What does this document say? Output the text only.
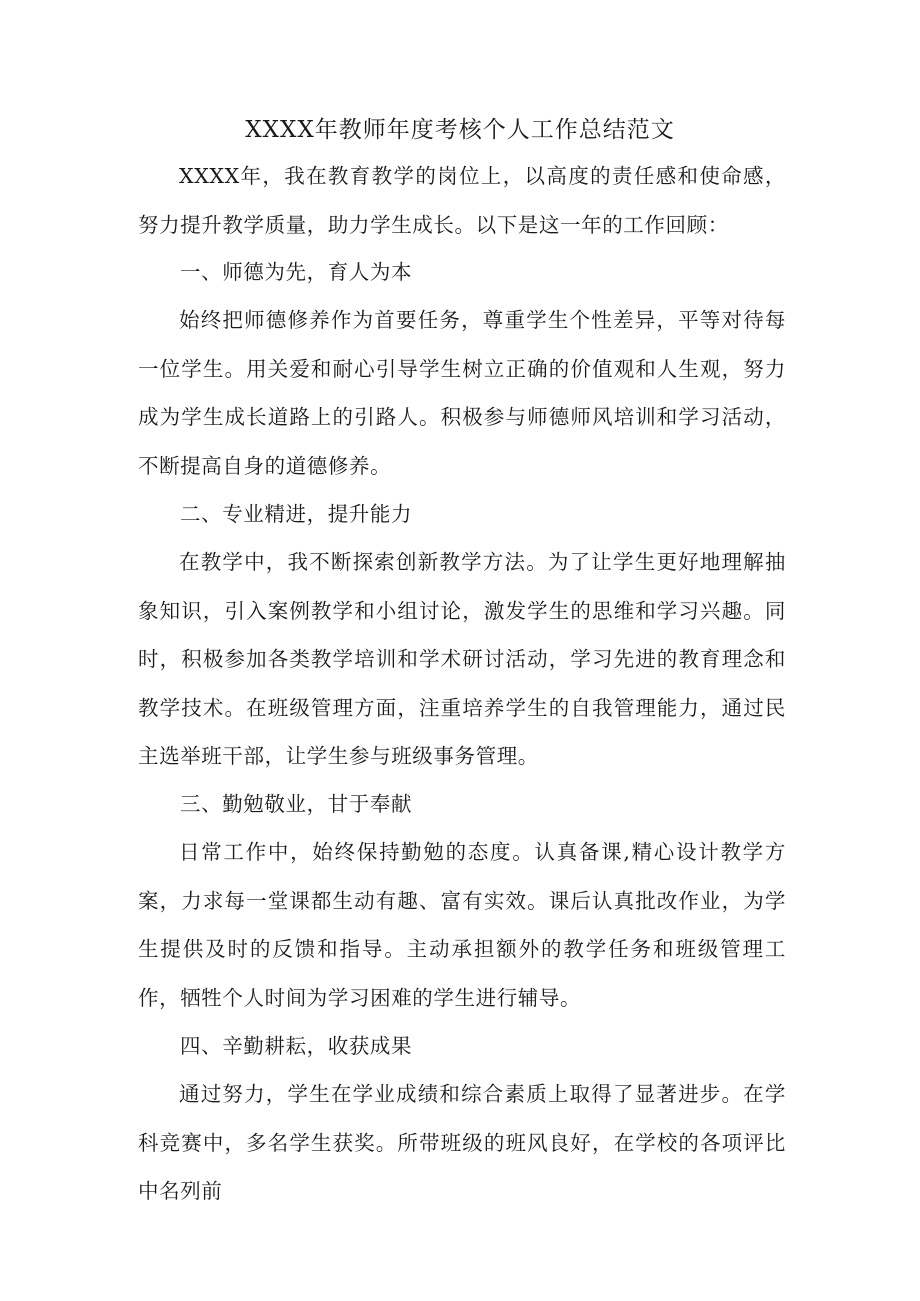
XXXX年教师年度考核个人工作总结范文

XXXX年，我在教育教学的岗位上，以高度的责任感和使命感，努力提升教学质量，助力学生成长。以下是这一年的工作回顾：

一、师德为先，育人为本

始终把师德修养作为首要任务，尊重学生个性差异，平等对待每一位学生。用关爱和耐心引导学生树立正确的价值观和人生观，努力成为学生成长道路上的引路人。积极参与师德师风培训和学习活动，不断提高自身的道德修养。

二、专业精进，提升能力

在教学中，我不断探索创新教学方法。为了让学生更好地理解抽象知识，引入案例教学和小组讨论，激发学生的思维和学习兴趣。同时，积极参加各类教学培训和学术研讨活动，学习先进的教育理念和教学技术。在班级管理方面，注重培养学生的自我管理能力，通过民主选举班干部，让学生参与班级事务管理。

三、勤勉敬业，甘于奉献

日常工作中，始终保持勤勉的态度。认真备课,精心设计教学方案，力求每一堂课都生动有趣、富有实效。课后认真批改作业，为学生提供及时的反馈和指导。主动承担额外的教学任务和班级管理工作，牺牲个人时间为学习困难的学生进行辅导。

四、辛勤耕耘，收获成果

通过努力，学生在学业成绩和综合素质上取得了显著进步。在学科竞赛中，多名学生获奖。所带班级的班风良好，在学校的各项评比中名列前
